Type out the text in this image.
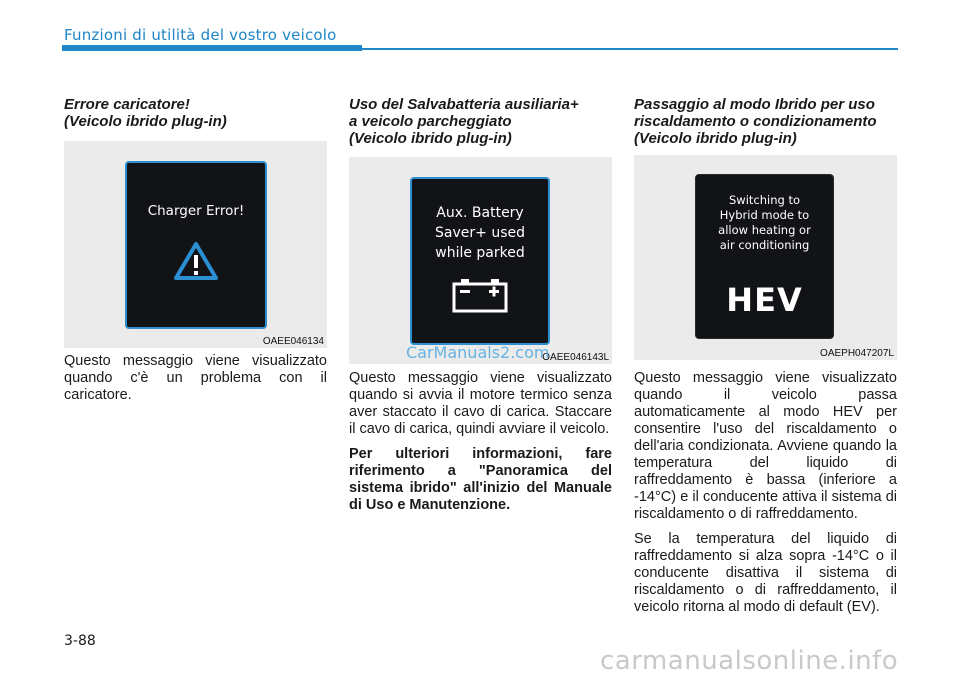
Funzioni di utilità del vostro veicolo
Errore caricatore!
(Veicolo ibrido plug-in)
Charger Error!
OAEE046134

Questo messaggio viene visualizzato quando c'è un problema con il caricatore.

Uso del Salvabatteria ausiliaria+
a veicolo parcheggiato
(Veicolo ibrido plug-in)
Aux. Battery
Saver+ used
while parked
OAEE046143L
CarManuals2.com

Questo messaggio viene visualizzato quando si avvia il motore termico senza aver staccato il cavo di carica. Staccare il cavo di carica, quindi avviare il veicolo.

Per ulteriori informazioni, fare riferimento a "Panoramica del sistema ibrido" all'inizio del Manuale di Uso e Manutenzione.

Passaggio al modo Ibrido per uso
riscaldamento o condizionamento
(Veicolo ibrido plug-in)
Switching to
Hybrid mode to
allow heating or
air conditioning
HEV
OAEPH047207L

Questo messaggio viene visualizzato quando il veicolo passa automaticamente al modo HEV per consentire l'uso del riscaldamento o dell'aria condizionata. Avviene quando la temperatura del liquido di raffreddamento è bassa (inferiore a -14°C) e il conducente attiva il sistema di riscaldamento o di raffreddamento.

Se la temperatura del liquido di raffreddamento si alza sopra -14°C o il conducente disattiva il sistema di riscaldamento o di raffreddamento, il veicolo ritorna al modo di default (EV).

3-88
carmanualsonline.info
